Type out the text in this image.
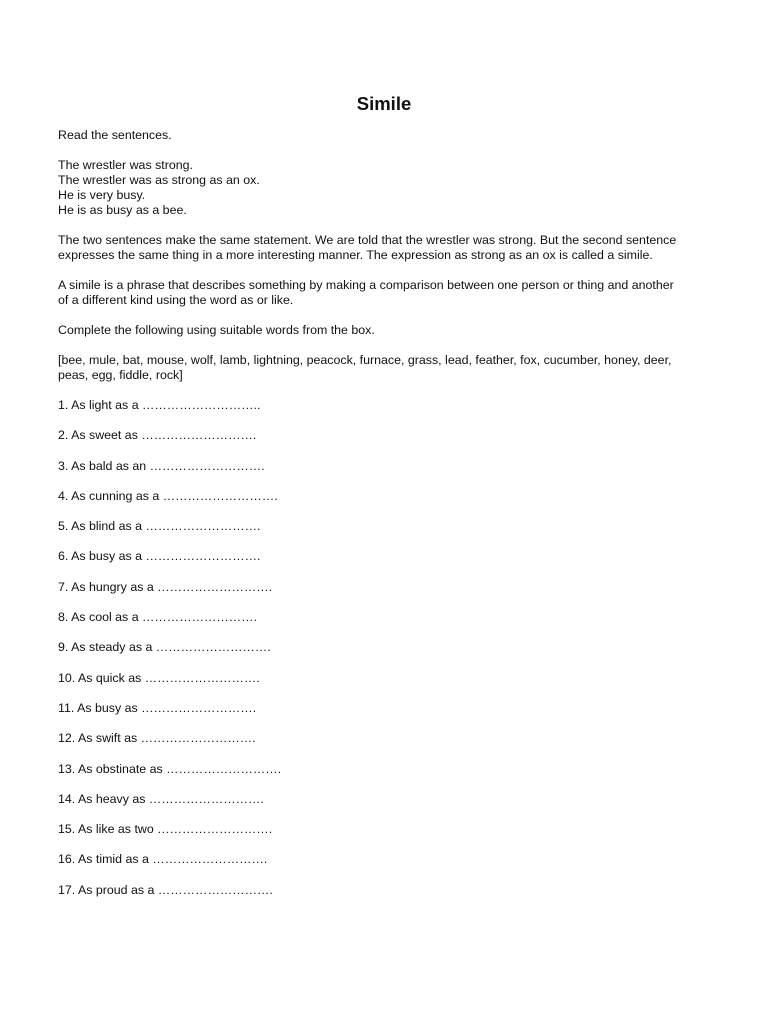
Simile
Read the sentences.
The wrestler was strong.
The wrestler was as strong as an ox.
He is very busy.
He is as busy as a bee.
The two sentences make the same statement. We are told that the wrestler was strong. But the second sentence
expresses the same thing in a more interesting manner. The expression as strong as an ox is called a simile.
A simile is a phrase that describes something by making a comparison between one person or thing and another
of a different kind using the word as or like.
Complete the following using suitable words from the box.
[bee, mule, bat, mouse, wolf, lamb, lightning, peacock, furnace, grass, lead, feather, fox, cucumber, honey, deer,
peas, egg, fiddle, rock]
1. As light as a ………………………..
2. As sweet as ……………………….
3. As bald as an ……………………….
4. As cunning as a ……………………….
5. As blind as a ……………………….
6. As busy as a ……………………….
7. As hungry as a ……………………….
8. As cool as a ……………………….
9. As steady as a ……………………….
10. As quick as ……………………….
11. As busy as ……………………….
12. As swift as ……………………….
13. As obstinate as ……………………….
14. As heavy as ……………………….
15. As like as two ……………………….
16. As timid as a ……………………….
17. As proud as a ……………………….
